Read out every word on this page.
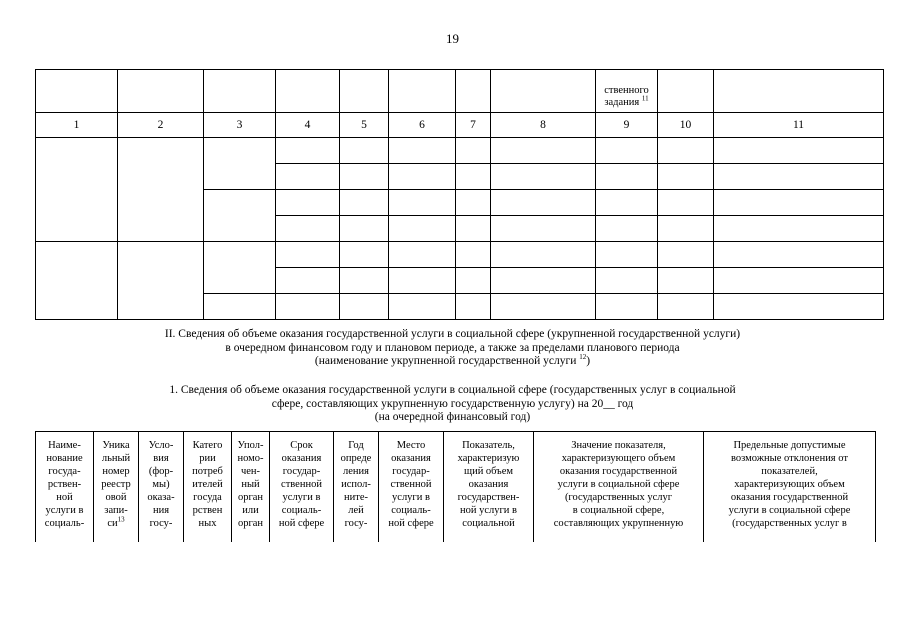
19
								ственного
задания $^{11}$		
1	2	3	4	5	6	7	8	9	10	11

II. Сведения об объеме оказания государственной услуги в социальной сфере (укрупненной государственной услуги)
в очередном финансовом году и плановом периоде, а также за пределами планового периода
(наименование укрупненной государственной услуги $^{12}$)
1. Сведения об объеме оказания государственной услуги в социальной сфере (государственных услуг в социальной
сфере, составляющих укрупненную государственную услугу) на 20__ год
(на очередной финансовый год)
Наиме-
нование
госуда-
рствен-
ной
услуги в
социаль-	Уника
льный
номер
реестр
овой
запи-
$си^{13}$	Усло-
вия
(фор-
мы)
оказа-
ния
госу-	Катего
рии
потреб
ителей
госуда
рствен
ных	Упол-
номо-
чен-
ный
орган
или
орган	Срок
оказания
государ-
ственной
услуги в
социаль-
ной сфере	Год
опреде
ления
испол-
ните-
лей
госу-	Место
оказания
государ-
ственной
услуги в
социаль-
ной сфере	Показатель,
характеризую
щий объем
оказания
государствен-
ной услуги в
социальной	Значение показателя,
характеризующего объем
оказания государственной
услуги в социальной сфере
(государственных услуг
в социальной сфере,
составляющих укрупненную	Предельные допустимые
возможные отклонения от
показателей,
характеризующих объем
оказания государственной
услуги в социальной сфере
(государственных услуг в
